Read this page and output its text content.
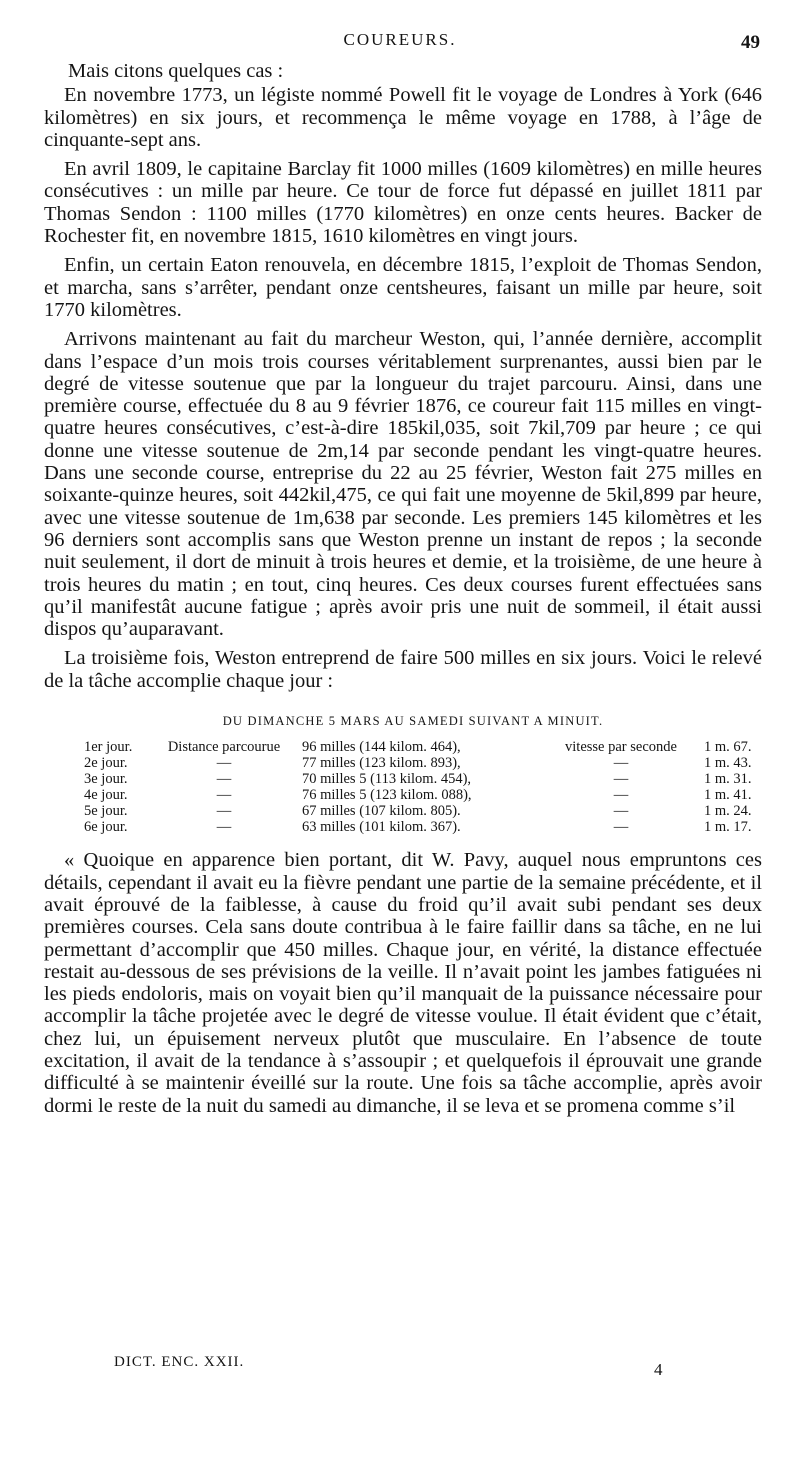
COUREURS.	49

Mais citons quelques cas :

En novembre 1773, un légiste nommé Powell fit le voyage de Londres à York (646 kilomètres) en six jours, et recommença le même voyage en 1788, à l’âge de cinquante-sept ans.

En avril 1809, le capitaine Barclay fit 1000 milles (1609 kilomètres) en mille heures consécutives : un mille par heure. Ce tour de force fut dépassé en juillet 1811 par Thomas Sendon : 1100 milles (1770 kilomètres) en onze cents heures. Backer de Rochester fit, en novembre 1815, 1610 kilomètres en vingt jours.

Enfin, un certain Eaton renouvela, en décembre 1815, l’exploit de Thomas Sendon, et marcha, sans s’arrêter, pendant onze centsheures, faisant un mille par heure, soit 1770 kilomètres.

Arrivons maintenant au fait du marcheur Weston, qui, l’année dernière, accomplit dans l’espace d’un mois trois courses véritablement surprenantes, aussi bien par le degré de vitesse soutenue que par la longueur du trajet parcouru. Ainsi, dans une première course, effectuée du 8 au 9 février 1876, ce coureur fait 115 milles en vingt-quatre heures consécutives, c’est-à-dire 185kil,035, soit 7kil,709 par heure ; ce qui donne une vitesse soutenue de 2m,14 par seconde pendant les vingt-quatre heures. Dans une seconde course, entreprise du 22 au 25 février, Weston fait 275 milles en soixante-quinze heures, soit 442kil,475, ce qui fait une moyenne de 5kil,899 par heure, avec une vitesse soutenue de 1m,638 par seconde. Les premiers 145 kilomètres et les 96 derniers sont accomplis sans que Weston prenne un instant de repos ; la seconde nuit seulement, il dort de minuit à trois heures et demie, et la troisième, de une heure à trois heures du matin ; en tout, cinq heures. Ces deux courses furent effectuées sans qu’il manifestât aucune fatigue ; après avoir pris une nuit de sommeil, il était aussi dispos qu’auparavant.

La troisième fois, Weston entreprend de faire 500 milles en six jours. Voici le relevé de la tâche accomplie chaque jour :

DU DIMANCHE 5 MARS AU SAMEDI SUIVANT A MINUIT.

1er jour.	Distance parcourue	96 milles (144 kilom. 464),	vitesse par seconde	1 m. 67.
2e jour.	—	77 milles (123 kilom. 893),	—	1 m. 43.
3e jour.	—	70 milles 5 (113 kilom. 454),	—	1 m. 31.
4e jour.	—	76 milles 5 (123 kilom. 088),	—	1 m. 41.
5e jour.	—	67 milles (107 kilom. 805).	—	1 m. 24.
6e jour.	—	63 milles (101 kilom. 367).	—	1 m. 17.

« Quoique en apparence bien portant, dit W. Pavy, auquel nous empruntons ces détails, cependant il avait eu la fièvre pendant une partie de la semaine précédente, et il avait éprouvé de la faiblesse, à cause du froid qu’il avait subi pendant ses deux premières courses. Cela sans doute contribua à le faire faillir dans sa tâche, en ne lui permettant d’accomplir que 450 milles. Chaque jour, en vérité, la distance effectuée restait au-dessous de ses prévisions de la veille. Il n’avait point les jambes fatiguées ni les pieds endoloris, mais on voyait bien qu’il manquait de la puissance nécessaire pour accomplir la tâche projetée avec le degré de vitesse voulue. Il était évident que c’était, chez lui, un épuisement nerveux plutôt que musculaire. En l’absence de toute excitation, il avait de la tendance à s’assoupir ; et quelquefois il éprouvait une grande difficulté à se maintenir éveillé sur la route. Une fois sa tâche accomplie, après avoir dormi le reste de la nuit du samedi au dimanche, il se leva et se promena comme s’il

DICT. ENC. XXII.	4
